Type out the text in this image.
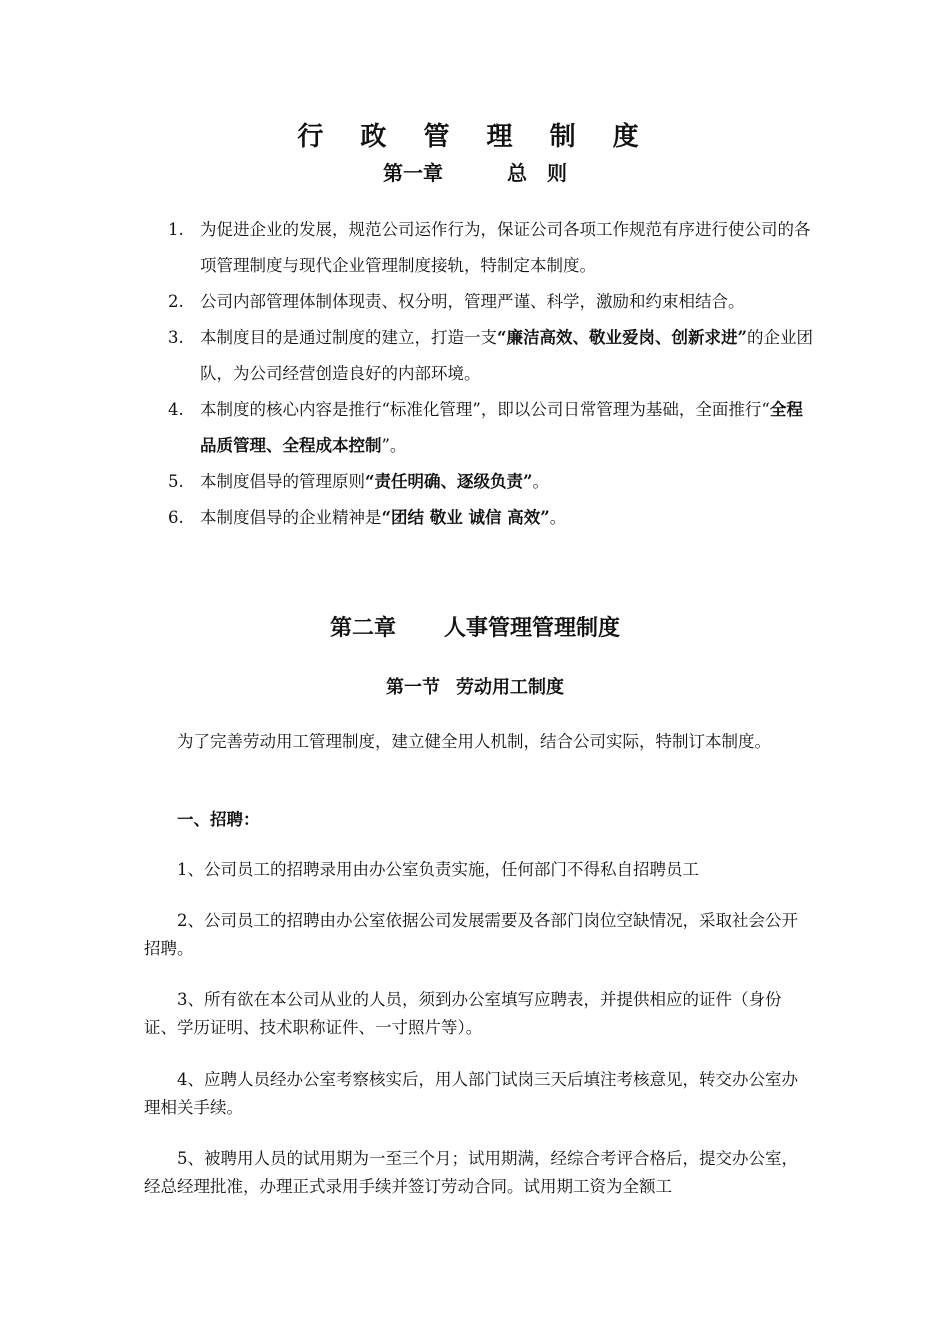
行 政 管 理 制 度
第一章	总　则
1. 为促进企业的发展，规范公司运作行为，保证公司各项工作规范有序进行使公司的各项管理制度与现代企业管理制度接轨，特制定本制度。
2. 公司内部管理体制体现责、权分明，管理严谨、科学，激励和约束相结合。
3. 本制度目的是通过制度的建立，打造一支“廉洁高效、敬业爱岗、创新求进”的企业团队，为公司经营创造良好的内部环境。
4. 本制度的核心内容是推行“标准化管理”，即以公司日常管理为基础，全面推行“全程品质管理、全程成本控制”。
5. 本制度倡导的管理原则“责任明确、逐级负责”。
6. 本制度倡导的企业精神是“团结 敬业 诚信 高效”。
第二章 人事管理管理制度
第一节 劳动用工制度

为了完善劳动用工管理制度，建立健全用人机制，结合公司实际，特制订本制度。

一、招聘：

1、公司员工的招聘录用由办公室负责实施，任何部门不得私自招聘员工

2、公司员工的招聘由办公室依据公司发展需要及各部门岗位空缺情况，采取社会公开招聘。

3、所有欲在本公司从业的人员，须到办公室填写应聘表，并提供相应的证件（身份证、学历证明、技术职称证件、一寸照片等）。

4、应聘人员经办公室考察核实后，用人部门试岗三天后填注考核意见，转交办公室办理相关手续。

5、被聘用人员的试用期为一至三个月；试用期满，经综合考评合格后，提交办公室，经总经理批准，办理正式录用手续并签订劳动合同。试用期工资为全额工
